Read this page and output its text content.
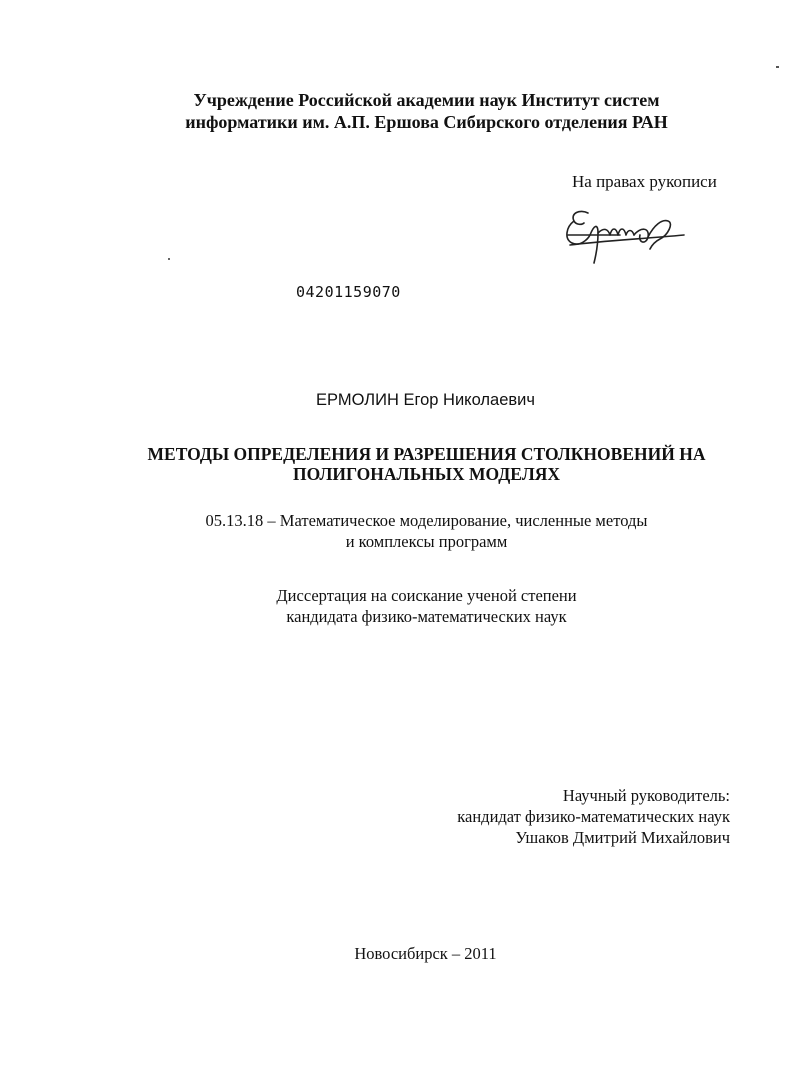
Учреждение Российской академии наук Институт систем
информатики им. А.П. Ершова Сибирского отделения РАН
На правах рукописи
04201159070
ЕРМОЛИН Егор Николаевич
МЕТОДЫ ОПРЕДЕЛЕНИЯ И РАЗРЕШЕНИЯ СТОЛКНОВЕНИЙ НА
ПОЛИГОНАЛЬНЫХ МОДЕЛЯХ
05.13.18 – Математическое моделирование, численные методы
и комплексы программ
Диссертация на соискание ученой степени
кандидата физико-математических наук
Научный руководитель:
кандидат физико-математических наук
Ушаков Дмитрий Михайлович
Новосибирск – 2011
